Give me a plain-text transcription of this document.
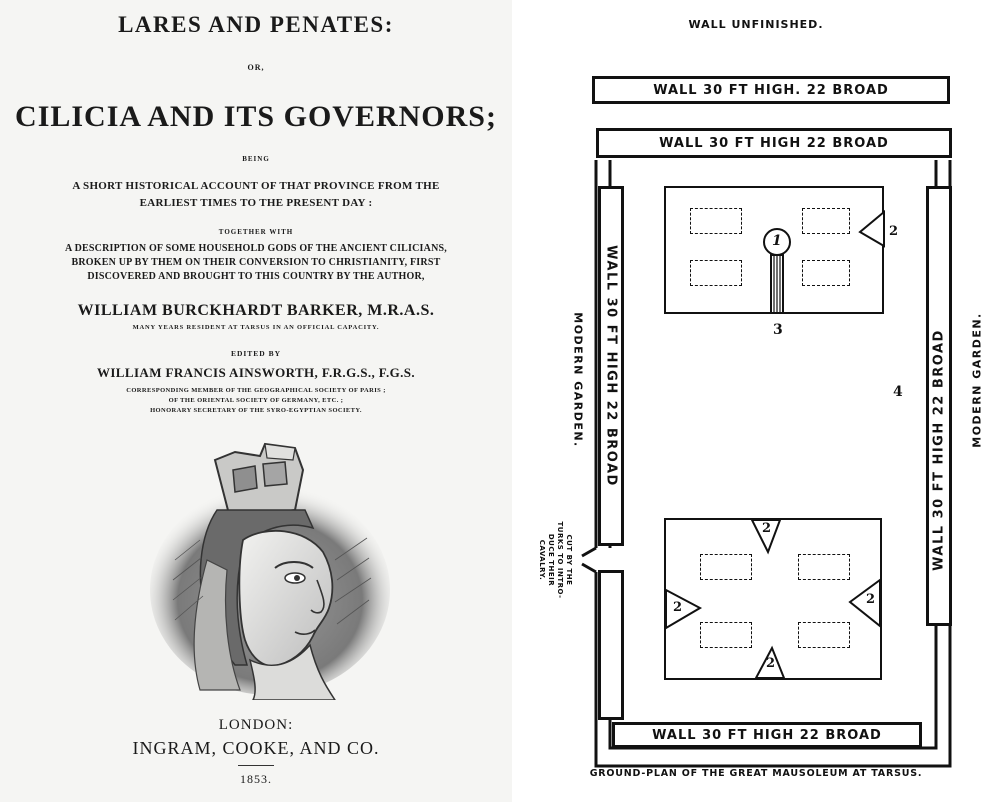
LARES AND PENATES:
OR,
CILICIA AND ITS GOVERNORS;
BEING
A SHORT HISTORICAL ACCOUNT OF THAT PROVINCE FROM THE
EARLIEST TIMES TO THE PRESENT DAY :
TOGETHER WITH
A DESCRIPTION OF SOME HOUSEHOLD GODS OF THE ANCIENT CILICIANS,
BROKEN UP BY THEM ON THEIR CONVERSION TO CHRISTIANITY, FIRST
DISCOVERED AND BROUGHT TO THIS COUNTRY BY THE AUTHOR,
WILLIAM BURCKHARDT BARKER, M.R.A.S.
MANY YEARS RESIDENT AT TARSUS IN AN OFFICIAL CAPACITY.
EDITED BY
WILLIAM FRANCIS AINSWORTH, F.R.G.S., F.G.S.
CORRESPONDING MEMBER OF THE GEOGRAPHICAL SOCIETY OF PARIS ;
OF THE ORIENTAL SOCIETY OF GERMANY, ETC. ;
HONORARY SECRETARY OF THE SYRO-EGYPTIAN SOCIETY.
LONDON:
INGRAM, COOKE, AND CO.
1853.
WALL UNFINISHED.
WALL 30 FT HIGH. 22 BROAD
WALL 30 FT HIGH 22 BROAD
WALL 30 FT HIGH 22 BROAD	WALL 30 FT HIGH 22 BROAD
MODERN GARDEN.	MODERN GARDEN.
CUT BY THE
TURKS TO INTRO-
DUCE THEIR
CAVALRY.
1
2
3
4
2
2
2
2
WALL 30 FT HIGH 22 BROAD
GROUND-PLAN OF THE GREAT MAUSOLEUM AT TARSUS.
